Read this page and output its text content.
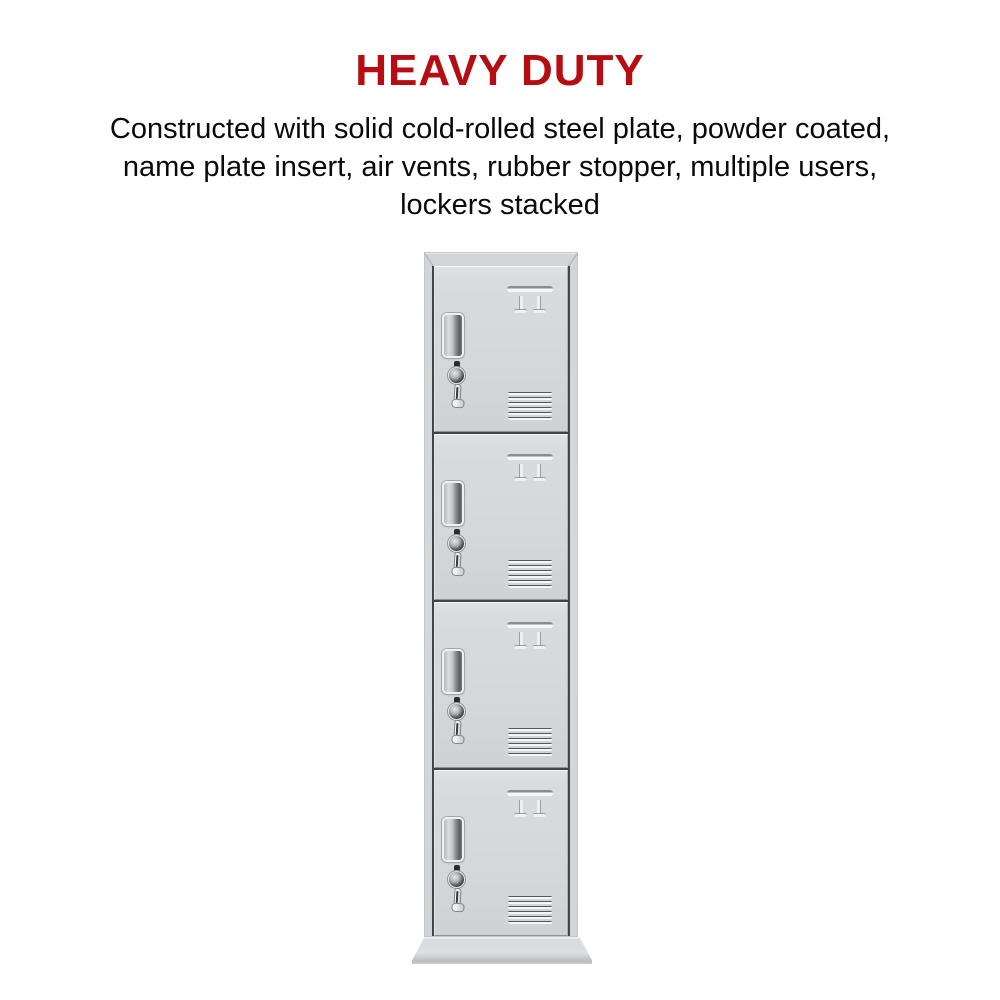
HEAVY DUTY
Constructed with solid cold-rolled steel plate, powder coated,
name plate insert, air vents, rubber stopper, multiple users,
lockers stacked
